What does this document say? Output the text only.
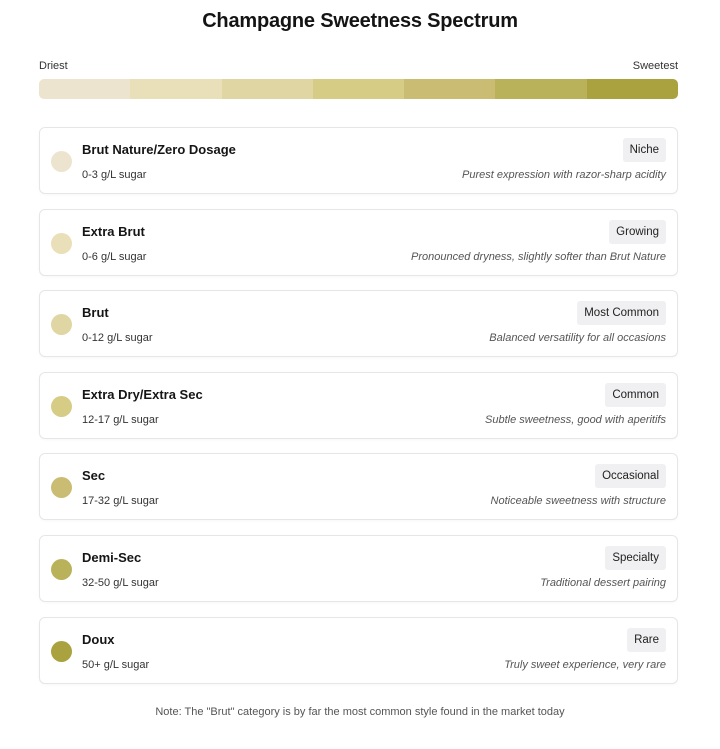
Champagne Sweetness Spectrum
Driest	Sweetest
Brut Nature/Zero Dosage
0-3 g/L sugar
Niche
Purest expression with razor-sharp acidity
Extra Brut
0-6 g/L sugar
Growing
Pronounced dryness, slightly softer than Brut Nature
Brut
0-12 g/L sugar
Most Common
Balanced versatility for all occasions
Extra Dry/Extra Sec
12-17 g/L sugar
Common
Subtle sweetness, good with aperitifs
Sec
17-32 g/L sugar
Occasional
Noticeable sweetness with structure
Demi-Sec
32-50 g/L sugar
Specialty
Traditional dessert pairing
Doux
50+ g/L sugar
Rare
Truly sweet experience, very rare
Note: The "Brut" category is by far the most common style found in the market today
